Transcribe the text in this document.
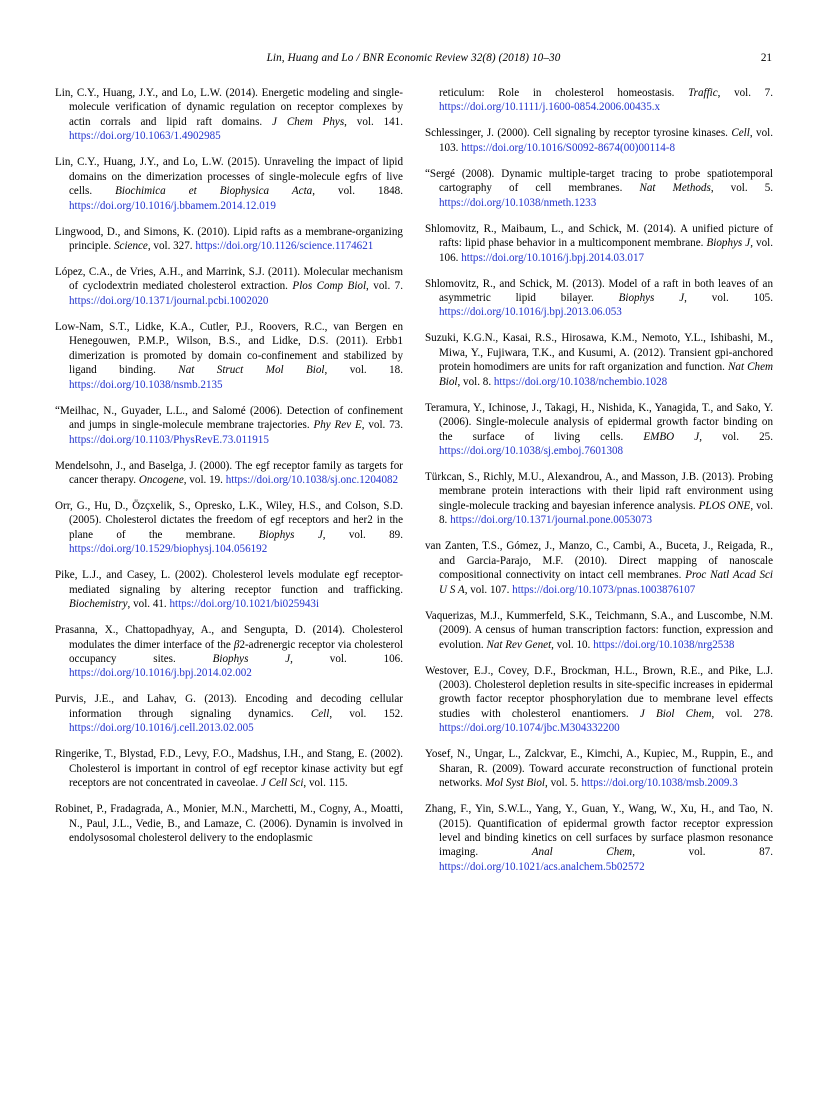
Lin, Huang and Lo / BNR Economic Review 32(8) (2018) 10–30	21

Lin, C.Y., Huang, J.Y., and Lo, L.W. (2014). Energetic modeling and single-molecule verification of dynamic regulation on receptor complexes by actin corrals and lipid raft domains. J Chem Phys, vol. 141. https://doi.org/10.1063/1.4902985

Lin, C.Y., Huang, J.Y., and Lo, L.W. (2015). Unraveling the impact of lipid domains on the dimerization processes of single-molecule egfrs of live cells. Biochimica et Biophysica Acta, vol. 1848. https://doi.org/10.1016/j.bbamem.2014.12.019

Lingwood, D., and Simons, K. (2010). Lipid rafts as a membrane-organizing principle. Science, vol. 327. https://doi.org/10.1126/science.1174621

López, C.A., de Vries, A.H., and Marrink, S.J. (2011). Molecular mechanism of cyclodextrin mediated cholesterol extraction. Plos Comp Biol, vol. 7. https://doi.org/10.1371/journal.pcbi.1002020

Low-Nam, S.T., Lidke, K.A., Cutler, P.J., Roovers, R.C., van Bergen en Henegouwen, P.M.P., Wilson, B.S., and Lidke, D.S. (2011). Erbb1 dimerization is promoted by domain co-confinement and stabilized by ligand binding. Nat Struct Mol Biol, vol. 18. https://doi.org/10.1038/nsmb.2135

“Meilhac, N., Guyader, L.L., and Salomé (2006). Detection of confinement and jumps in single-molecule membrane trajectories. Phy Rev E, vol. 73. https://doi.org/10.1103/PhysRevE.73.011915

Mendelsohn, J., and Baselga, J. (2000). The egf receptor family as targets for cancer therapy. Oncogene, vol. 19. https://doi.org/10.1038/sj.onc.1204082

Orr, G., Hu, D., Özçxelik, S., Opresko, L.K., Wiley, H.S., and Colson, S.D. (2005). Cholesterol dictates the freedom of egf receptors and her2 in the plane of the membrane. Biophys J, vol. 89. https://doi.org/10.1529/biophysj.104.056192

Pike, L.J., and Casey, L. (2002). Cholesterol levels modulate egf receptor-mediated signaling by altering receptor function and trafficking. Biochemistry, vol. 41. https://doi.org/10.1021/bi025943i

Prasanna, X., Chattopadhyay, A., and Sengupta, D. (2014). Cholesterol modulates the dimer interface of the β2-adrenergic receptor via cholesterol occupancy sites.	Biophys J, vol. 106. https://doi.org/10.1016/j.bpj.2014.02.002

Purvis, J.E., and Lahav, G. (2013). Encoding and decoding cellular information through signaling dynamics. Cell, vol. 152. https://doi.org/10.1016/j.cell.2013.02.005

Ringerike, T., Blystad, F.D., Levy, F.O., Madshus, I.H., and Stang, E. (2002). Cholesterol is important in control of egf receptor kinase activity but egf receptors are not concentrated in caveolae. J Cell Sci, vol. 115.

Robinet, P., Fradagrada, A., Monier, M.N., Marchetti, M., Cogny, A., Moatti, N., Paul, J.L., Vedie, B., and Lamaze, C. (2006). Dynamin is involved in endolysosomal cholesterol delivery to the endoplasmic

reticulum: Role in cholesterol homeostasis. Traffic, vol. 7. https://doi.org/10.1111/j.1600-0854.2006.00435.x

Schlessinger, J. (2000). Cell signaling by receptor tyrosine kinases. Cell, vol. 103. https://doi.org/10.1016/S0092-8674(00)00114-8

“Sergé (2008). Dynamic multiple-target tracing to probe spatiotemporal cartography of cell membranes. Nat Methods, vol. 5. https://doi.org/10.1038/nmeth.1233

Shlomovitz, R., Maibaum, L., and Schick, M. (2014). A unified picture of rafts: lipid phase behavior in a multicomponent membrane. Biophys J, vol. 106. https://doi.org/10.1016/j.bpj.2014.03.017

Shlomovitz, R., and Schick, M. (2013). Model of a raft in both leaves of an asymmetric lipid bilayer. Biophys J, vol. 105. https://doi.org/10.1016/j.bpj.2013.06.053

Suzuki, K.G.N., Kasai, R.S., Hirosawa, K.M., Nemoto, Y.L., Ishibashi, M., Miwa, Y., Fujiwara, T.K., and Kusumi, A. (2012). Transient gpi-anchored protein homodimers are units for raft organization and function. Nat Chem Biol, vol. 8. https://doi.org/10.1038/nchembio.1028

Teramura, Y., Ichinose, J., Takagi, H., Nishida, K., Yanagida, T., and Sako, Y. (2006). Single-molecule analysis of epidermal growth factor binding on the surface of living cells. EMBO J, vol. 25. https://doi.org/10.1038/sj.emboj.7601308

Türkcan, S., Richly, M.U., Alexandrou, A., and Masson, J.B. (2013). Probing membrane protein interactions with their lipid raft environment using single-molecule tracking and bayesian inference analysis. PLOS ONE, vol. 8. https://doi.org/10.1371/journal.pone.0053073

van Zanten, T.S., Gómez, J., Manzo, C., Cambi, A., Buceta, J., Reigada, R., and Garcia-Parajo, M.F. (2010). Direct mapping of nanoscale compositional connectivity on intact cell membranes. Proc Natl Acad Sci U S A, vol. 107. https://doi.org/10.1073/pnas.1003876107

Vaquerizas, M.J., Kummerfeld, S.K., Teichmann, S.A., and Luscombe, N.M. (2009). A census of human transcription factors: function, expression and evolution. Nat Rev Genet, vol. 10. https://doi.org/10.1038/nrg2538

Westover, E.J., Covey, D.F., Brockman, H.L., Brown, R.E., and Pike, L.J. (2003). Cholesterol depletion results in site-specific increases in epidermal growth factor receptor phosphorylation due to membrane level effects studies with cholesterol enantiomers. J Biol Chem, vol. 278. https://doi.org/10.1074/jbc.M304332200

Yosef, N., Ungar, L., Zalckvar, E., Kimchi, A., Kupiec, M., Ruppin, E., and Sharan, R. (2009). Toward accurate reconstruction of functional protein networks. Mol Syst Biol, vol. 5. https://doi.org/10.1038/msb.2009.3

Zhang, F., Yin, S.W.L., Yang, Y., Guan, Y., Wang, W., Xu, H., and Tao, N. (2015). Quantification of epidermal growth factor receptor expression level and binding kinetics on cell surfaces by surface plasmon resonance imaging.	Anal Chem, vol. 87. https://doi.org/10.1021/acs.analchem.5b02572
